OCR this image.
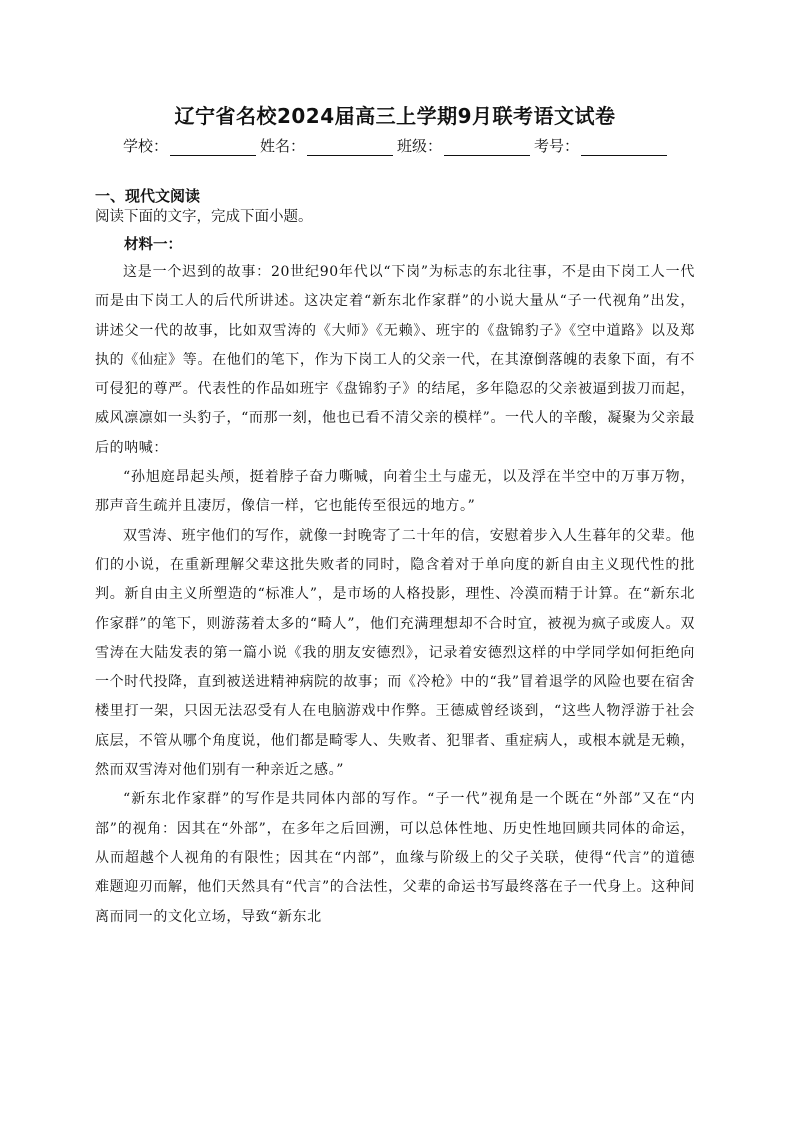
辽宁省名校2024届高三上学期9月联考语文试卷
学校：	姓名：	班级：	考号：
一、现代文阅读
阅读下面的文字，完成下面小题。
材料一：

这是一个迟到的故事：20世纪90年代以“下岗”为标志的东北往事，不是由下岗工人一代而是由下岗工人的后代所讲述。这决定着“新东北作家群”的小说大量从“子一代视角”出发，讲述父一代的故事，比如双雪涛的《大师》《无赖》、班宇的《盘锦豹子》《空中道路》以及郑执的《仙症》等。在他们的笔下，作为下岗工人的父亲一代，在其潦倒落魄的表象下面，有不可侵犯的尊严。代表性的作品如班宇《盘锦豹子》的结尾，多年隐忍的父亲被逼到拔刀而起，威风凛凛如一头豹子，“而那一刻，他也已看不清父亲的模样”。一代人的辛酸，凝聚为父亲最后的呐喊：

“孙旭庭昂起头颅，挺着脖子奋力嘶喊，向着尘土与虚无，以及浮在半空中的万事万物，那声音生疏并且凄厉，像信一样，它也能传至很远的地方。”

双雪涛、班宇他们的写作，就像一封晚寄了二十年的信，安慰着步入人生暮年的父辈。他们的小说，在重新理解父辈这批失败者的同时，隐含着对于单向度的新自由主义现代性的批判。新自由主义所塑造的“标准人”，是市场的人格投影，理性、冷漠而精于计算。在“新东北作家群”的笔下，则游荡着太多的“畸人”，他们充满理想却不合时宜，被视为疯子或废人。双雪涛在大陆发表的第一篇小说《我的朋友安德烈》，记录着安德烈这样的中学同学如何拒绝向一个时代投降，直到被送进精神病院的故事；而《冷枪》中的“我”冒着退学的风险也要在宿舍楼里打一架，只因无法忍受有人在电脑游戏中作弊。王德威曾经谈到，“这些人物浮游于社会底层，不管从哪个角度说，他们都是畸零人、失败者、犯罪者、重症病人，或根本就是无赖，然而双雪涛对他们别有一种亲近之感。”

“新东北作家群”的写作是共同体内部的写作。“子一代”视角是一个既在“外部”又在“内部”的视角：因其在“外部”，在多年之后回溯，可以总体性地、历史性地回顾共同体的命运，从而超越个人视角的有限性；因其在“内部”，血缘与阶级上的父子关联，使得“代言”的道德难题迎刃而解，他们天然具有“代言”的合法性，父辈的命运书写最终落在子一代身上。这种间离而同一的文化立场，导致“新东北
